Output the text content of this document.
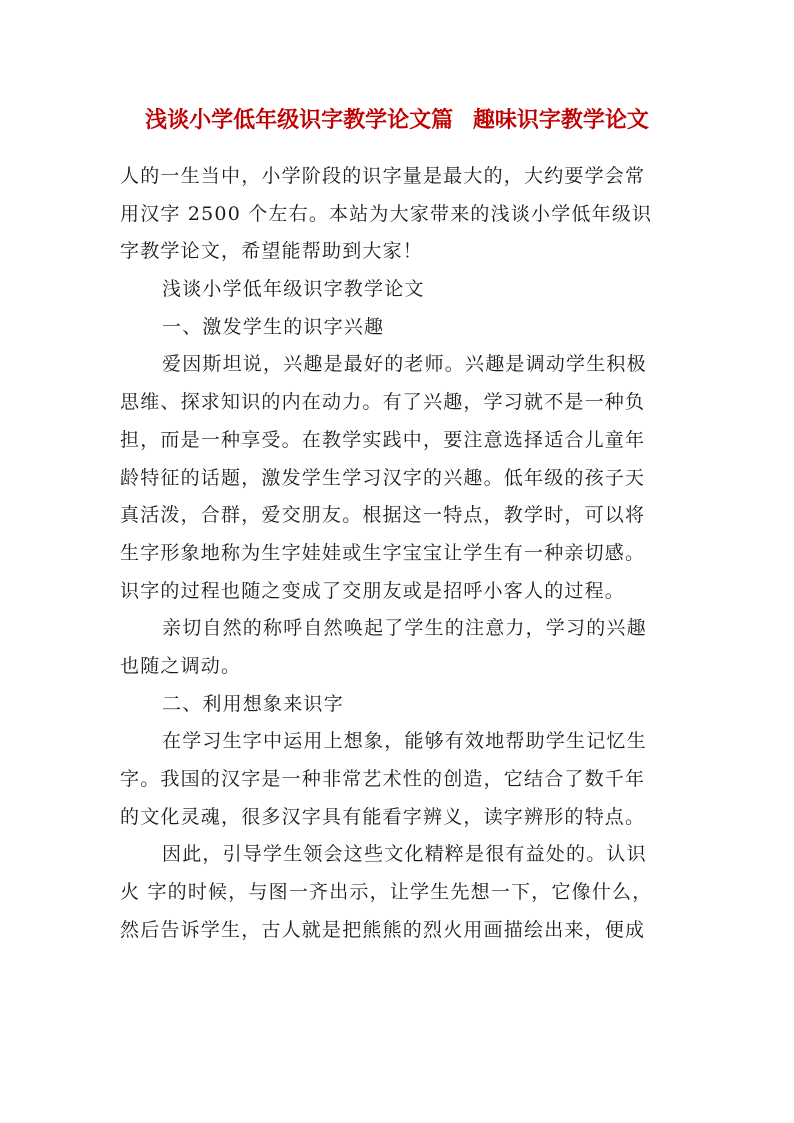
浅谈小学低年级识字教学论文篇 趣味识字教学论文
人的一生当中，小学阶段的识字量是最大的，大约要学会常
用汉字 2500 个左右。本站为大家带来的浅谈小学低年级识
字教学论文，希望能帮助到大家！
浅谈小学低年级识字教学论文
一、激发学生的识字兴趣
爱因斯坦说，兴趣是最好的老师。兴趣是调动学生积极
思维、探求知识的内在动力。有了兴趣，学习就不是一种负
担，而是一种享受。在教学实践中，要注意选择适合儿童年
龄特征的话题，激发学生学习汉字的兴趣。低年级的孩子天
真活泼，合群，爱交朋友。根据这一特点，教学时，可以将
生字形象地称为生字娃娃或生字宝宝让学生有一种亲切感。
识字的过程也随之变成了交朋友或是招呼小客人的过程。
亲切自然的称呼自然唤起了学生的注意力，学习的兴趣
也随之调动。
二、利用想象来识字
在学习生字中运用上想象，能够有效地帮助学生记忆生
字。我国的汉字是一种非常艺术性的创造，它结合了数千年
的文化灵魂，很多汉字具有能看字辨义，读字辨形的特点。
因此，引导学生领会这些文化精粹是很有益处的。认识
火 字的时候，与图一齐出示，让学生先想一下，它像什么，
然后告诉学生，古人就是把熊熊的烈火用画描绘出来，便成
